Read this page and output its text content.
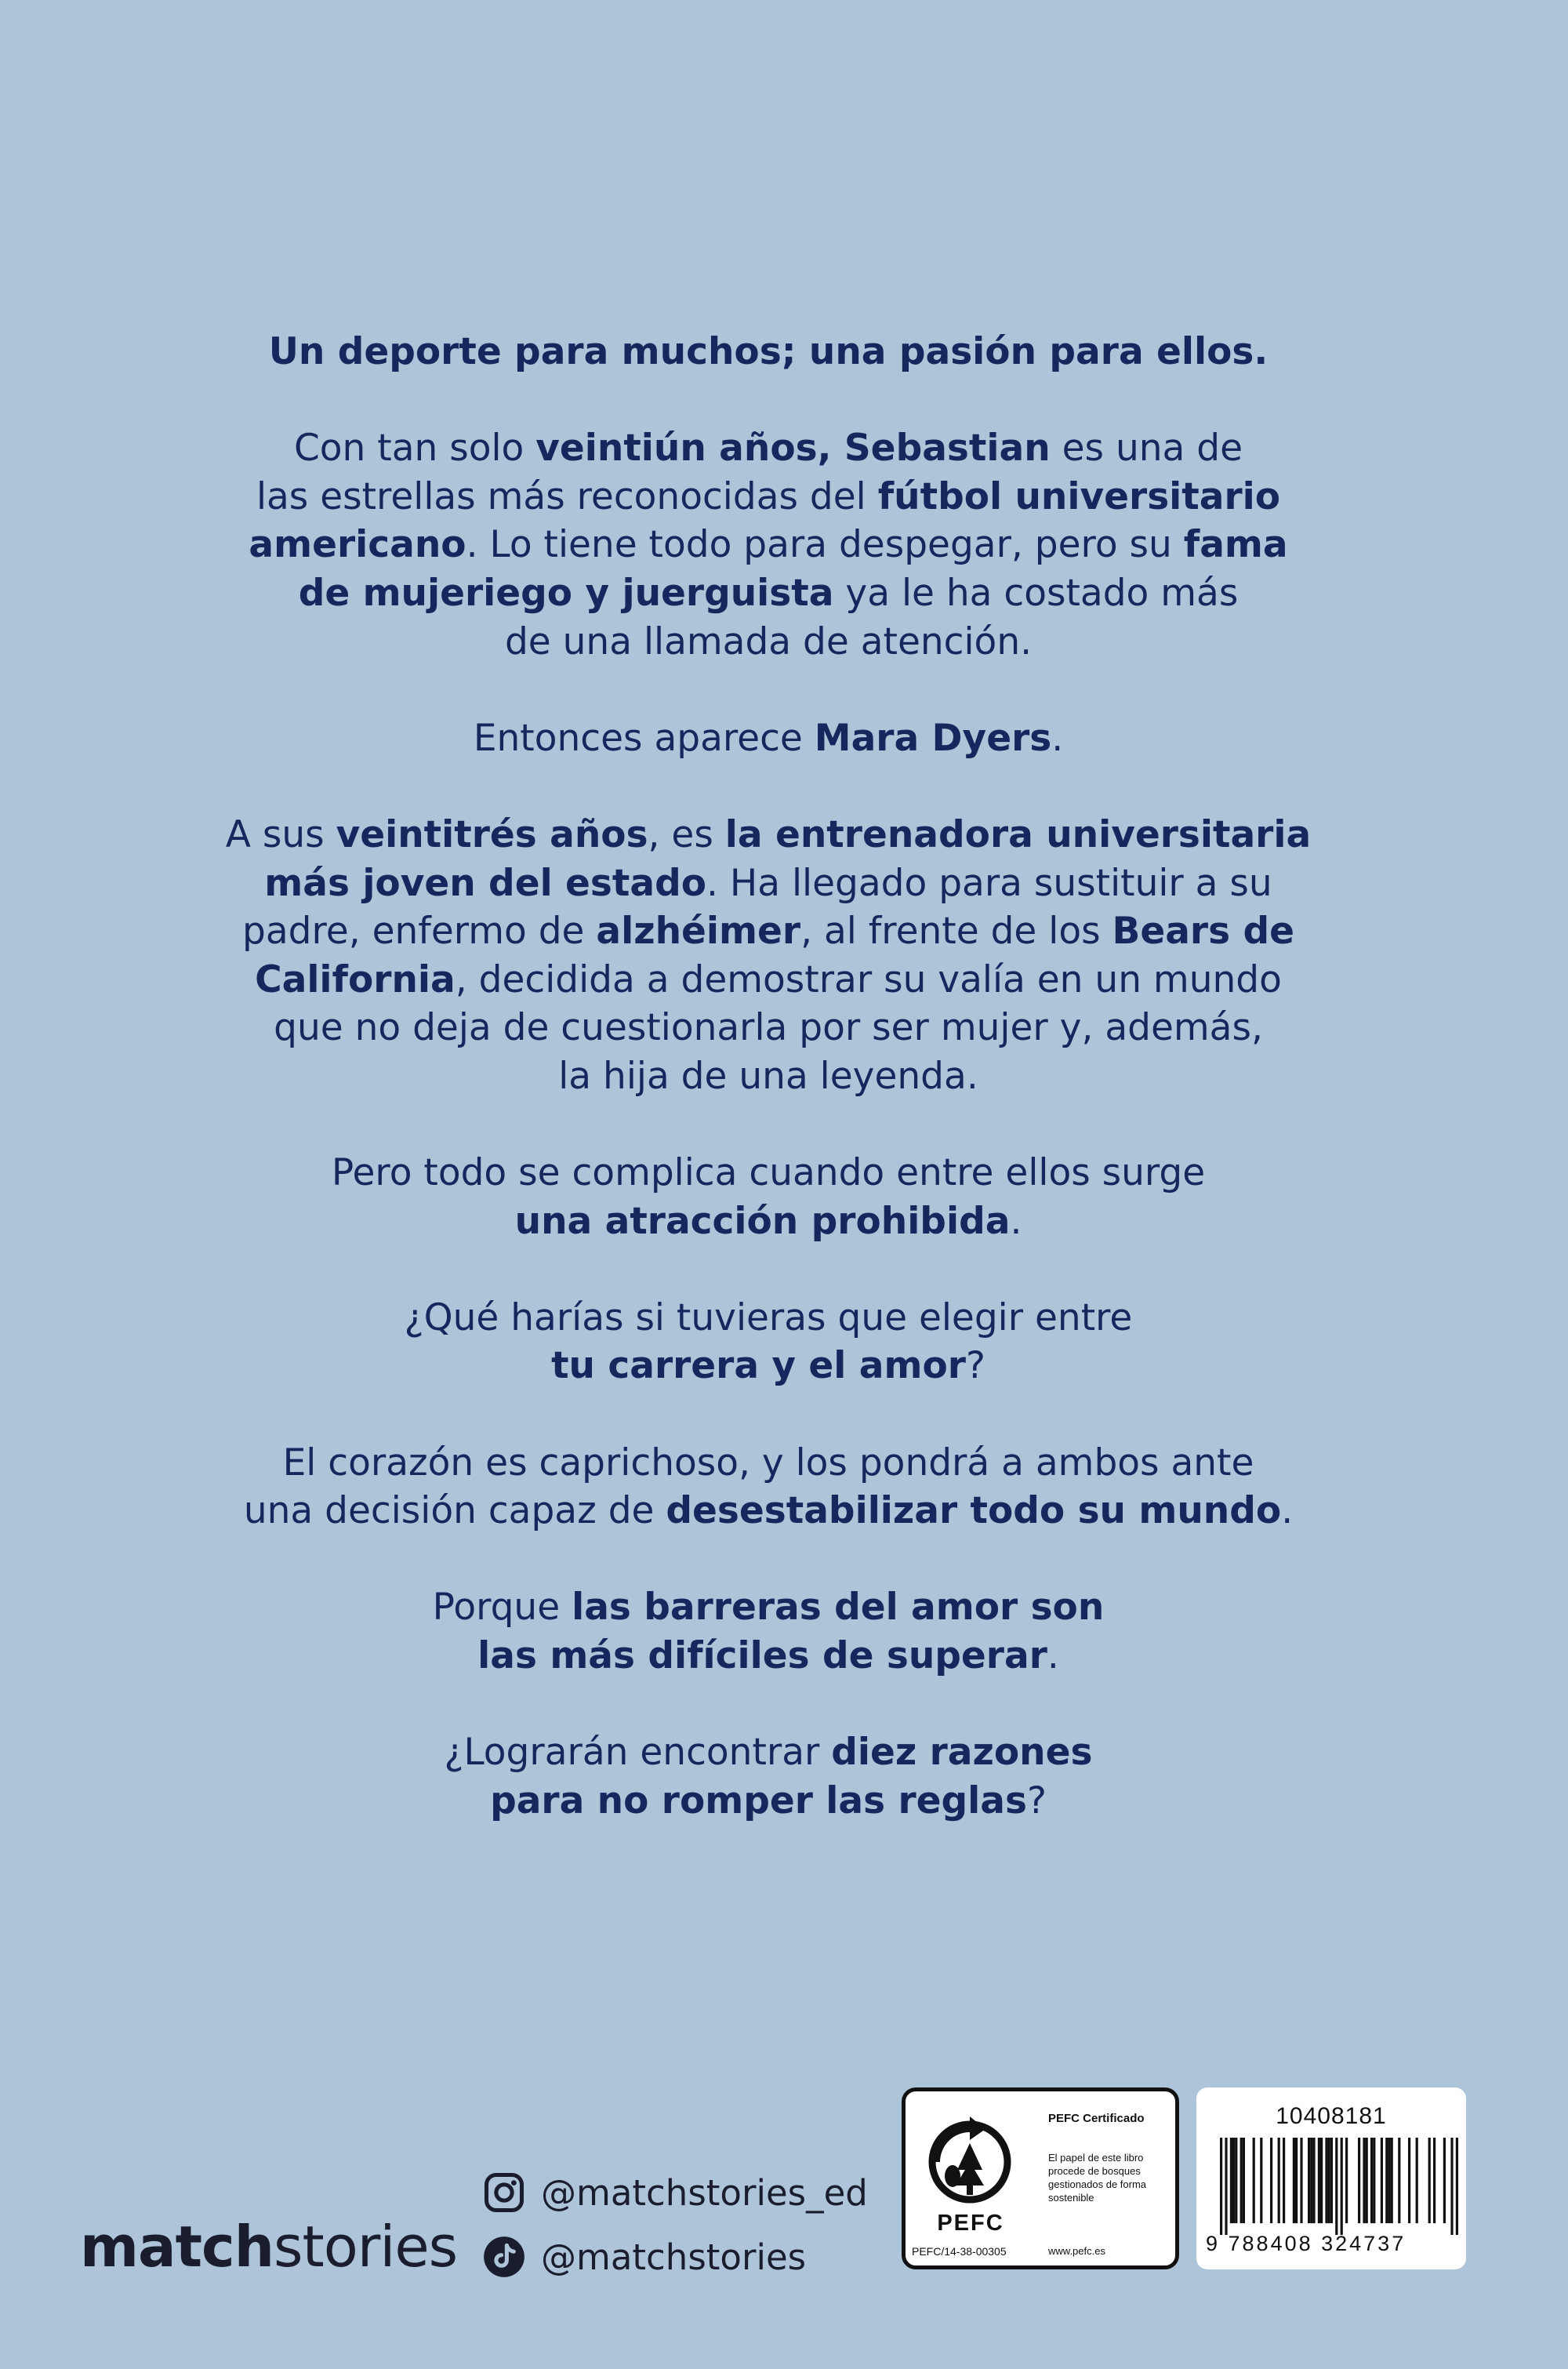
Un deporte para muchos; una pasión para ellos.

Con tan solo veintiún años, Sebastian es una de
las estrellas más reconocidas del fútbol universitario
americano. Lo tiene todo para despegar, pero su fama
de mujeriego y juerguista ya le ha costado más
de una llamada de atención.

Entonces aparece Mara Dyers.

A sus veintitrés años, es la entrenadora universitaria
más joven del estado. Ha llegado para sustituir a su
padre, enfermo de alzhéimer, al frente de los Bears de
California, decidida a demostrar su valía en un mundo
que no deja de cuestionarla por ser mujer y, además,
la hija de una leyenda.

Pero todo se complica cuando entre ellos surge
una atracción prohibida.

¿Qué harías si tuvieras que elegir entre
tu carrera y el amor?

El corazón es caprichoso, y los pondrá a ambos ante
una decisión capaz de desestabilizar todo su mundo.

Porque las barreras del amor son
las más difíciles de superar.

¿Lograrán encontrar diez razones
para no romper las reglas?

matchstories
@matchstories_ed
@matchstories
PEFC
PEFC/14-38-00305
PEFC Certificado
El papel de este libro procede de bosques gestionados de forma sostenible
www.pefc.es
10408181
9 788408 324737
